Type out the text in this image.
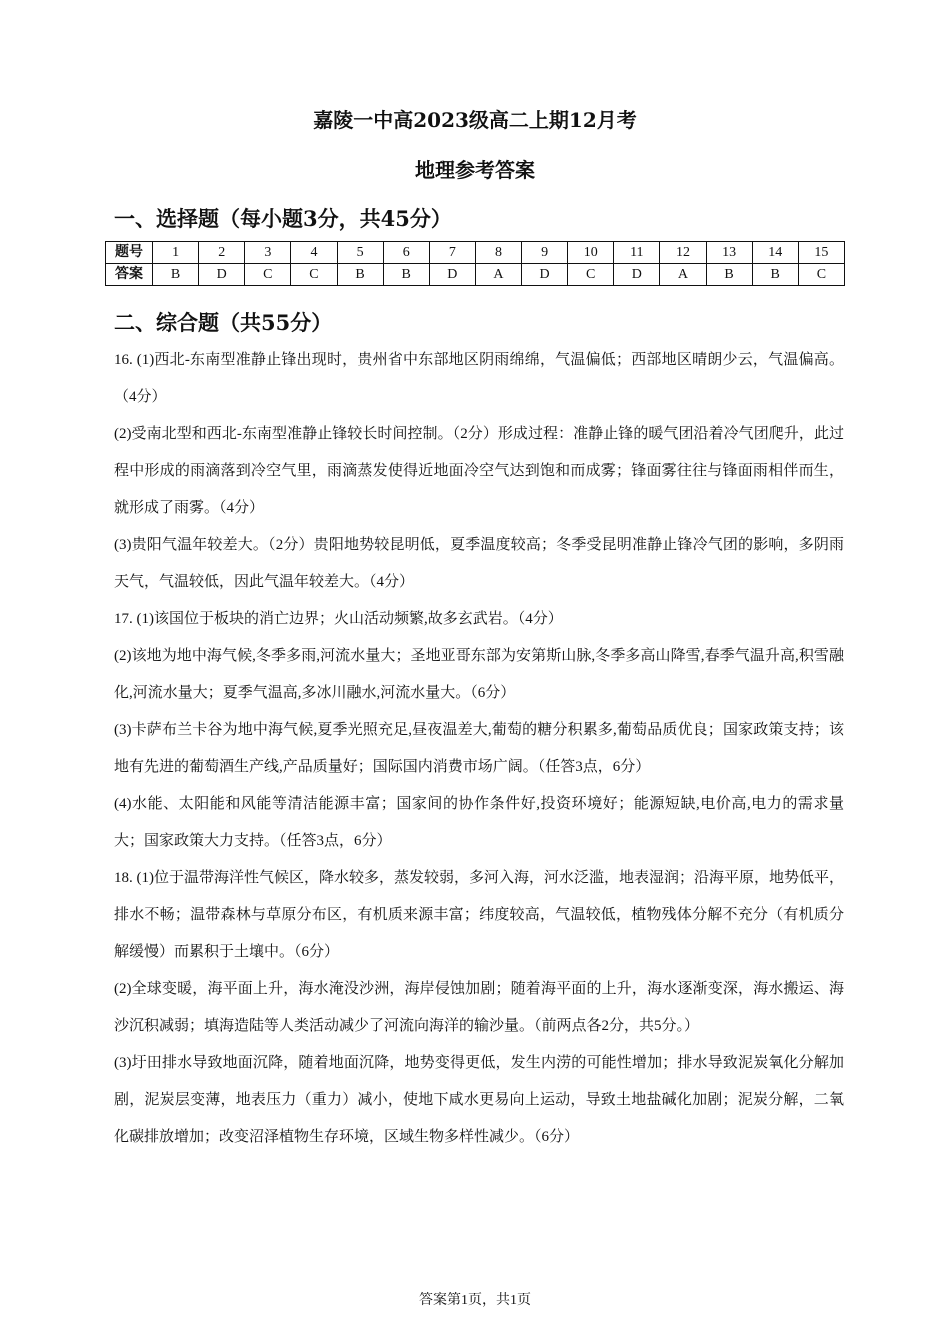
嘉陵一中高2023级高二上期12月考
地理参考答案
一、选择题（每小题3分，共45分）
题号	1	2	3	4	5	6	7	8	9	10	11	12	13	14	15
答案	B	D	C	C	B	B	D	A	D	C	D	A	B	B	C
二、综合题（共55分）

16. (1)西北-东南型准静止锋出现时，贵州省中东部地区阴雨绵绵，气温偏低；西部地区晴朗少云，气温偏高。（4分）

(2)受南北型和西北-东南型准静止锋较长时间控制。（2分）形成过程：准静止锋的暖气团沿着冷气团爬升，此过程中形成的雨滴落到冷空气里，雨滴蒸发使得近地面冷空气达到饱和而成雾；锋面雾往往与锋面雨相伴而生，就形成了雨雾。（4分）

(3)贵阳气温年较差大。（2分）贵阳地势较昆明低，夏季温度较高；冬季受昆明准静止锋冷气团的影响，多阴雨天气，气温较低，因此气温年较差大。（4分）

17. (1)该国位于板块的消亡边界；火山活动频繁,故多玄武岩。（4分）

(2)该地为地中海气候,冬季多雨,河流水量大；圣地亚哥东部为安第斯山脉,冬季多高山降雪,春季气温升高,积雪融化,河流水量大；夏季气温高,多冰川融水,河流水量大。（6分）

(3)卡萨布兰卡谷为地中海气候,夏季光照充足,昼夜温差大,葡萄的糖分积累多,葡萄品质优良；国家政策支持；该地有先进的葡萄酒生产线,产品质量好；国际国内消费市场广阔。（任答3点，6分）

(4)水能、太阳能和风能等清洁能源丰富；国家间的协作条件好,投资环境好；能源短缺,电价高,电力的需求量大；国家政策大力支持。（任答3点，6分）

18. (1)位于温带海洋性气候区，降水较多，蒸发较弱，多河入海，河水泛滥，地表湿润；沿海平原，地势低平，排水不畅；温带森林与草原分布区，有机质来源丰富；纬度较高，气温较低，植物残体分解不充分（有机质分解缓慢）而累积于土壤中。（6分）

(2)全球变暖，海平面上升，海水淹没沙洲，海岸侵蚀加剧；随着海平面的上升，海水逐渐变深，海水搬运、海沙沉积减弱；填海造陆等人类活动减少了河流向海洋的输沙量。（前两点各2分，共5分。）

(3)圩田排水导致地面沉降，随着地面沉降，地势变得更低，发生内涝的可能性增加；排水导致泥炭氧化分解加剧，泥炭层变薄，地表压力（重力）减小，使地下咸水更易向上运动，导致土地盐碱化加剧；泥炭分解，二氧化碳排放增加；改变沼泽植物生存环境，区域生物多样性减少。（6分）

答案第1页，共1页
